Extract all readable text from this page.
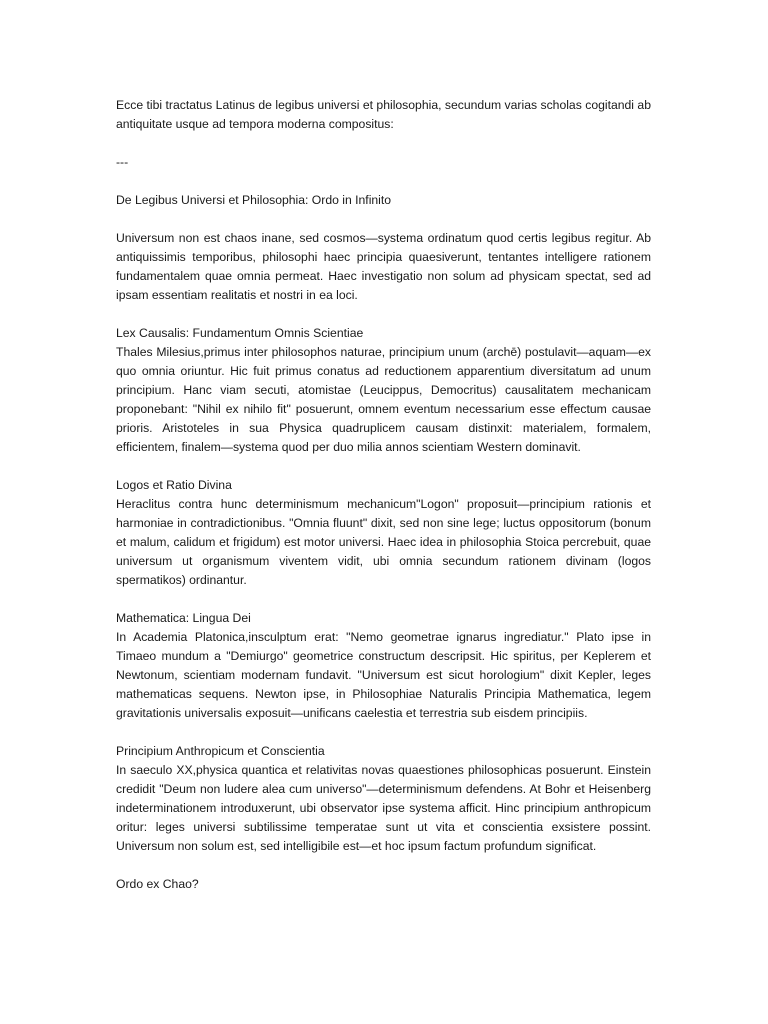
Ecce tibi tractatus Latinus de legibus universi et philosophia, secundum varias scholas cogitandi ab antiquitate usque ad tempora moderna compositus:

---

De Legibus Universi et Philosophia: Ordo in Infinito

Universum non est chaos inane, sed cosmos—systema ordinatum quod certis legibus regitur. Ab antiquissimis temporibus, philosophi haec principia quaesiverunt, tentantes intelligere rationem fundamentalem quae omnia permeat. Haec investigatio non solum ad physicam spectat, sed ad ipsam essentiam realitatis et nostri in ea loci.

Lex Causalis: Fundamentum Omnis Scientiae

Thales Milesius,primus inter philosophos naturae, principium unum (archē) postulavit—aquam—ex quo omnia oriuntur. Hic fuit primus conatus ad reductionem apparentium diversitatum ad unum principium. Hanc viam secuti, atomistae (Leucippus, Democritus) causalitatem mechanicam proponebant: "Nihil ex nihilo fit" posuerunt, omnem eventum necessarium esse effectum causae prioris. Aristoteles in sua Physica quadruplicem causam distinxit: materialem, formalem, efficientem, finalem—systema quod per duo milia annos scientiam Western dominavit.

Logos et Ratio Divina

Heraclitus contra hunc determinismum mechanicum"Logon" proposuit—principium rationis et harmoniae in contradictionibus. "Omnia fluunt" dixit, sed non sine lege; luctus oppositorum (bonum et malum, calidum et frigidum) est motor universi. Haec idea in philosophia Stoica percrebuit, quae universum ut organismum viventem vidit, ubi omnia secundum rationem divinam (logos spermatikos) ordinantur.

Mathematica: Lingua Dei

In Academia Platonica,insculptum erat: "Nemo geometrae ignarus ingrediatur." Plato ipse in Timaeo mundum a "Demiurgo" geometrice constructum descripsit. Hic spiritus, per Keplerem et Newtonum, scientiam modernam fundavit. "Universum est sicut horologium" dixit Kepler, leges mathematicas sequens. Newton ipse, in Philosophiae Naturalis Principia Mathematica, legem gravitationis universalis exposuit—unificans caelestia et terrestria sub eisdem principiis.

Principium Anthropicum et Conscientia

In saeculo XX,physica quantica et relativitas novas quaestiones philosophicas posuerunt. Einstein credidit "Deum non ludere alea cum universo"—determinismum defendens. At Bohr et Heisenberg indeterminationem introduxerunt, ubi observator ipse systema afficit. Hinc principium anthropicum oritur: leges universi subtilissime temperatae sunt ut vita et conscientia exsistere possint. Universum non solum est, sed intelligibile est—et hoc ipsum factum profundum significat.

Ordo ex Chao?
